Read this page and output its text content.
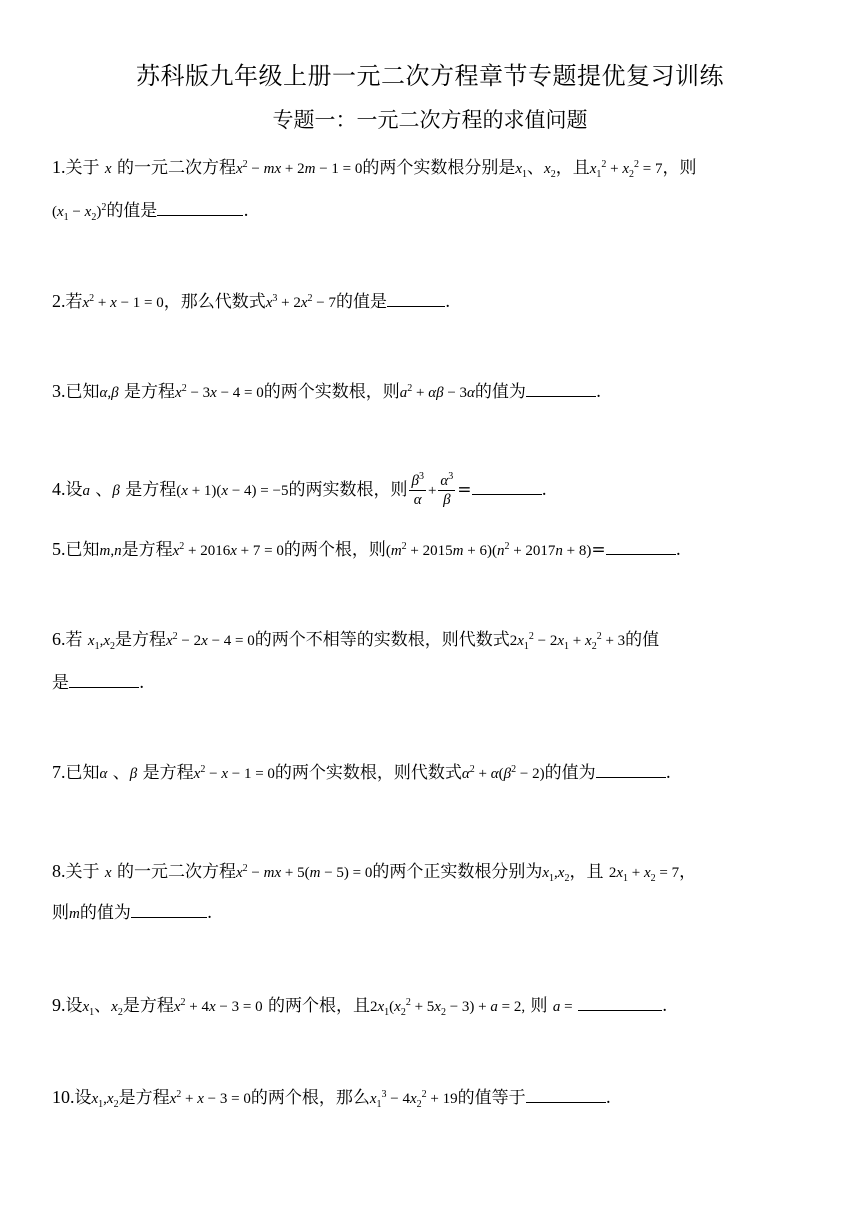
苏科版九年级上册一元二次方程章节专题提优复习训练
专题一：一元二次方程的求值问题
1.关于 x 的一元二次方程$x^2$ − mx + 2m − 1 = 0的两个实数根分别是$x_1$、$x_2$，且$x_1^2 + x_2^2 = 7$，则
$(x_1 - x_2)^2$的值是	.
2.若$x^2 + x - 1 = 0$，那么代数式$x^3 + 2x^2 - 7$的值是	.
3.已知α,β 是方程$x^2 - 3x - 4 = 0$的两个实数根，则$a^2 + \alpha\beta - 3\alpha$的值为	.
4.设a 、β 是方程(x + 1)(x − 4) = −5的两实数根，则 $\frac{\beta^3}{\alpha} + \frac{\alpha^3}{\beta}$ =	.
5.已知m,n是方程$x^2 + 2016x + 7 = 0$的两个根，则$(m^2 + 2015m + 6)(n^2 + 2017n + 8)=$	.
6.若 $x_1,x_2$是方程$x^2 - 2x - 4 = 0$的两个不相等的实数根，则代数式$2x_1^2 - 2x_1 + x_2^2 + 3$的值
是	.
7.已知α 、β 是方程$x^2 - x - 1 = 0$的两个实数根，则代数式$\alpha^2 + \alpha(\beta^2 - 2)$的值为	.
8.关于 x 的一元二次方程$x^2$ − mx + 5(m − 5) = 0的两个正实数根分别为$x_1,x_2$，且 $2x_1 + x_2 = 7$，
则m的值为	.
9.设$x_1$、$x_2$是方程$x^2 + 4x - 3 = 0$ 的两个根，且$2x_1(x_2^2 + 5x_2 - 3) + a = 2$, 则 a =	.
10.设$x_1,x_2$是方程$x^2 + x - 3 = 0$的两个根，那么$x_1^3 - 4x_2^2 + 19$的值等于	.
